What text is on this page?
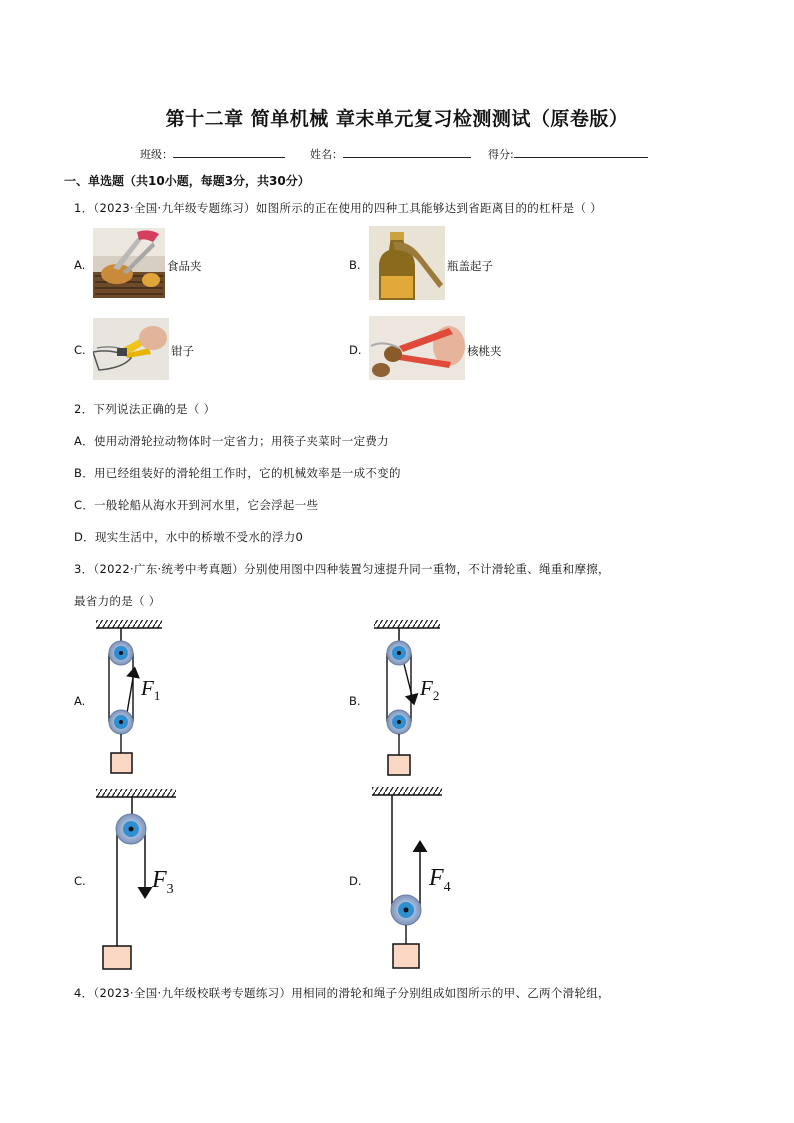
第十二章 简单机械 章末单元复习检测测试（原卷版）
班级：	姓名：	得分:
一、单选题（共10小题，每题3分，共30分）
1．（2023·全国·九年级专题练习）如图所示的正在使用的四种工具能够达到省距离目的的杠杆是（ ）
A.	食品夹	B.	瓶盖起子
C.	钳子	D.	核桃夹
2．下列说法正确的是（ ）
A．使用动滑轮拉动物体时一定省力；用筷子夹菜时一定费力
B．用已经组装好的滑轮组工作时，它的机械效率是一成不变的
C．一般轮船从海水开到河水里，它会浮起一些
D．现实生活中，水中的桥墩不受水的浮力0
3．（2022·广东·统考中考真题）分别使用图中四种装置匀速提升同一重物，不计滑轮重、绳重和摩擦，
最省力的是（ ）
A.	B.
C.	D.
$F_1$	$F_2$
$F_3$	$F_4$
4．（2023·全国·九年级校联考专题练习）用相同的滑轮和绳子分别组成如图所示的甲、乙两个滑轮组，
